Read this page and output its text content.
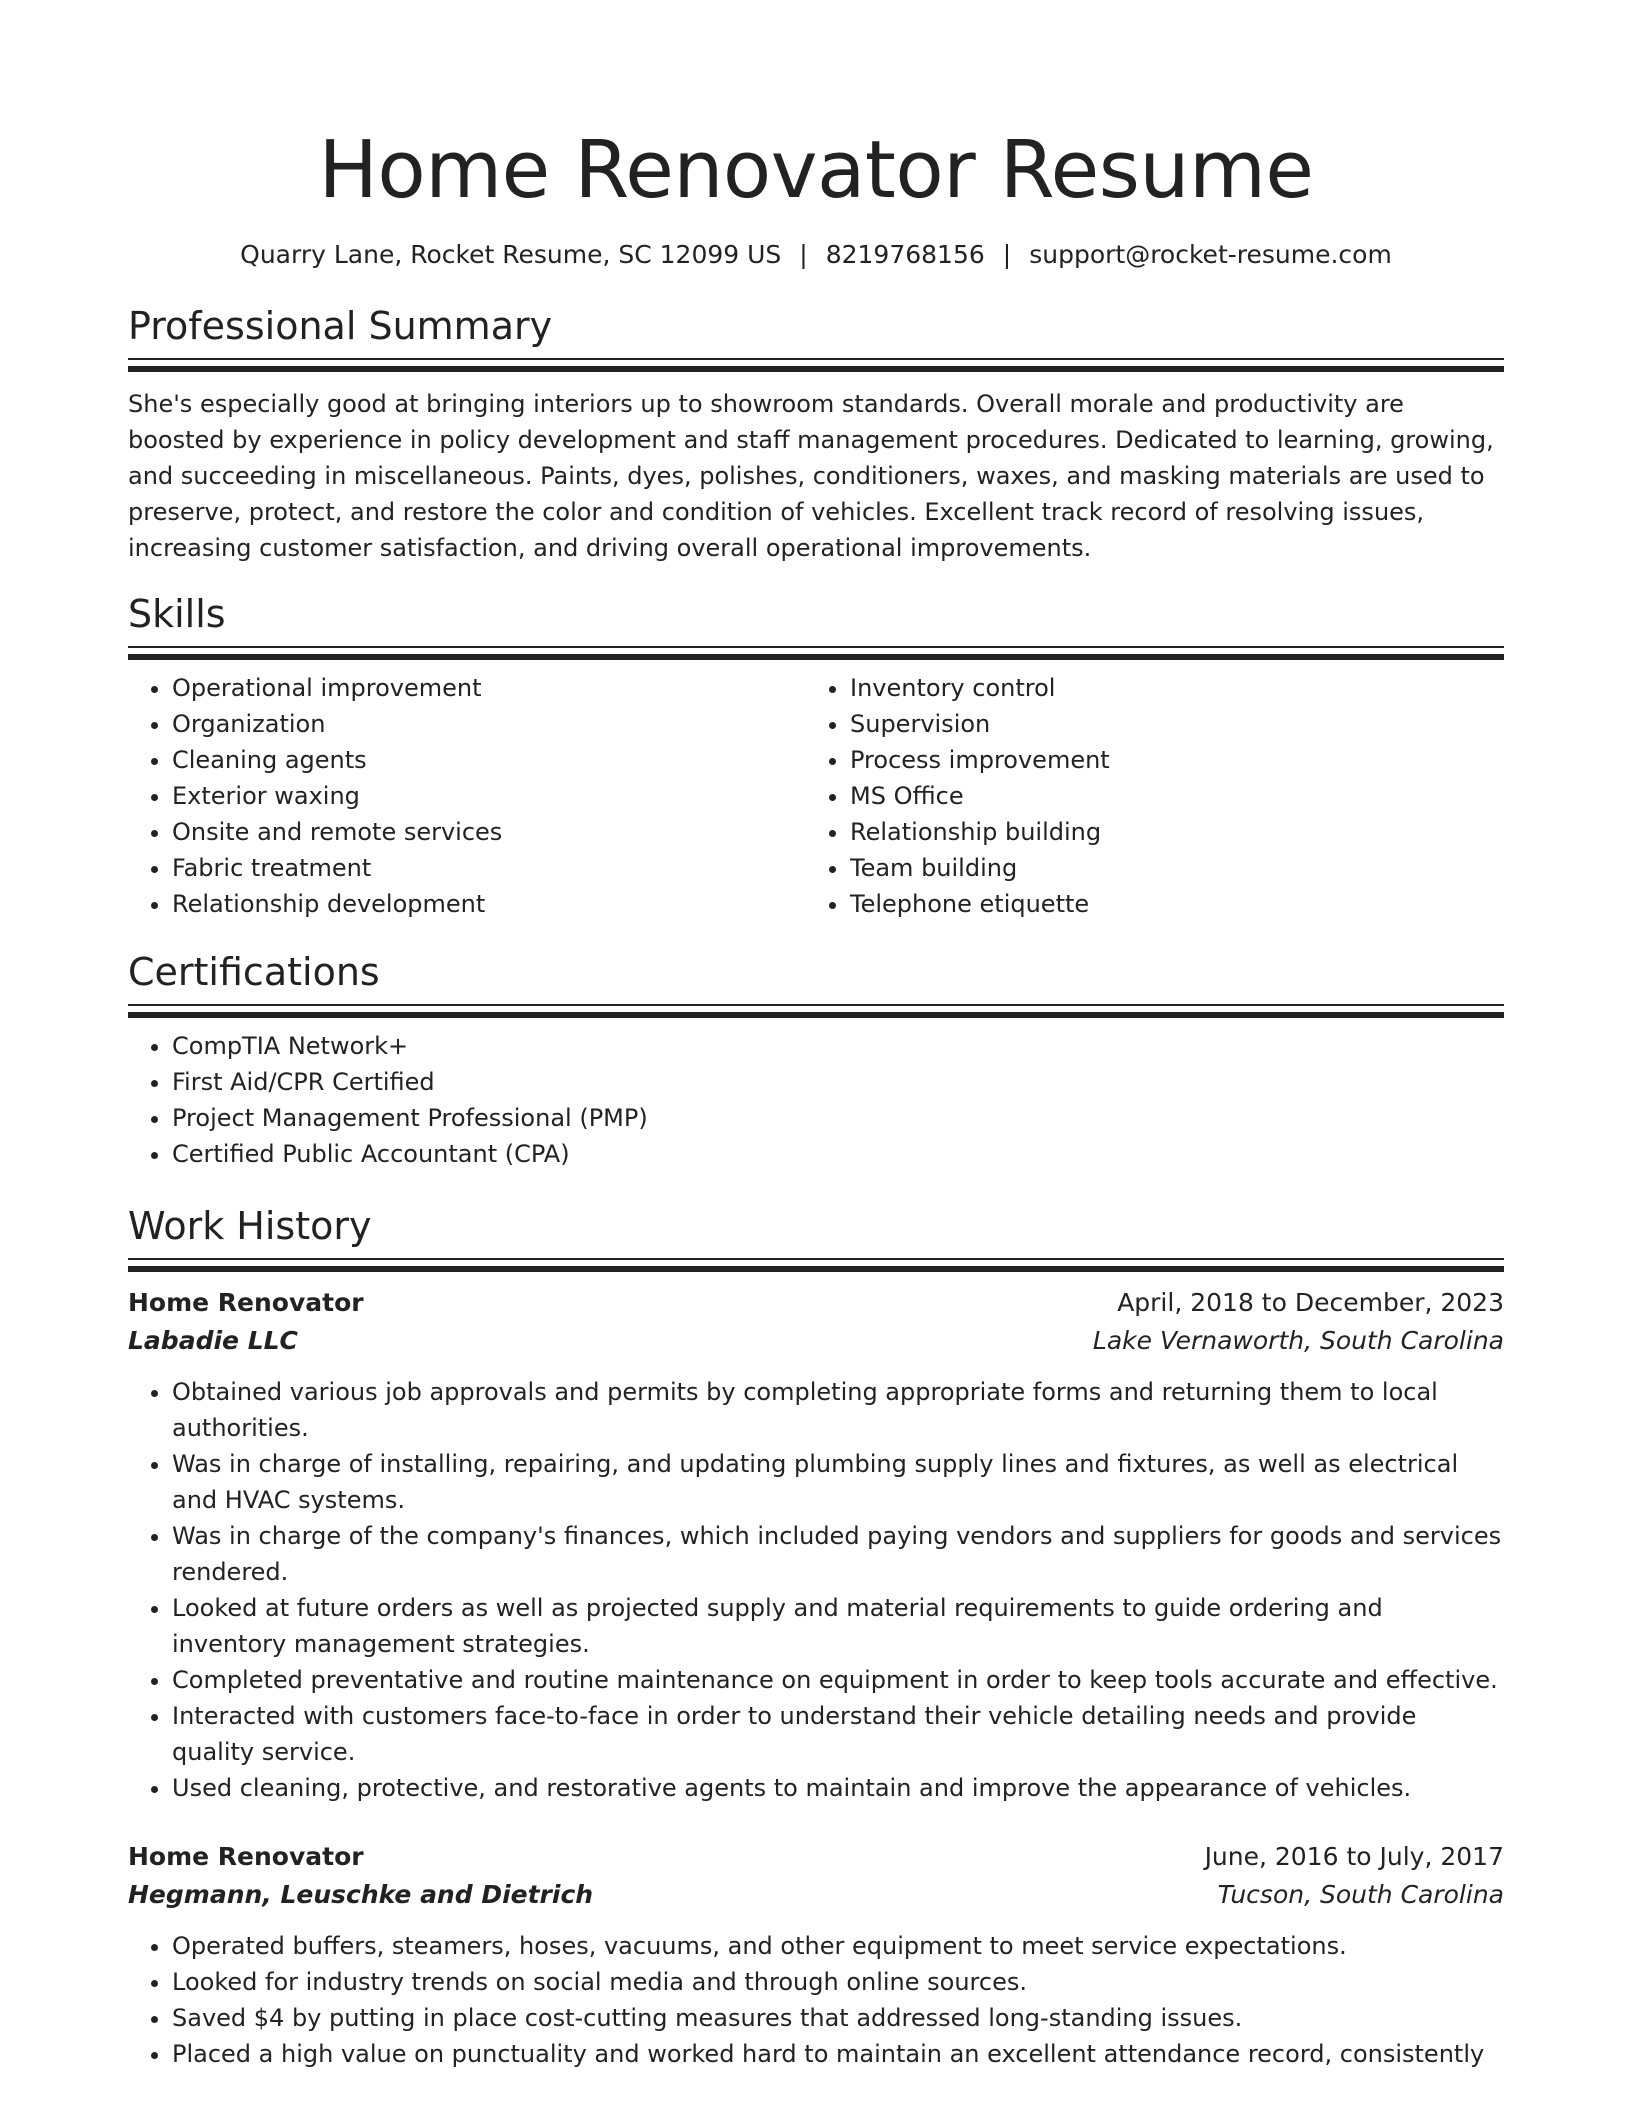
Home Renovator Resume
Quarry Lane, Rocket Resume, SC 12099 US | 8219768156 | support@rocket-resume.com
Professional Summary

She's especially good at bringing interiors up to showroom standards. Overall morale and productivity are boosted by experience in policy development and staff management procedures. Dedicated to learning, growing, and succeeding in miscellaneous. Paints, dyes, polishes, conditioners, waxes, and masking materials are used to preserve, protect, and restore the color and condition of vehicles. Excellent track record of resolving issues, increasing customer satisfaction, and driving overall operational improvements.

Skills
• Operational improvement
• Organization
• Cleaning agents
• Exterior waxing
• Onsite and remote services
• Fabric treatment
• Relationship development
• Inventory control
• Supervision
• Process improvement
• MS Office
• Relationship building
• Team building
• Telephone etiquette
Certifications
• CompTIA Network+
• First Aid/CPR Certified
• Project Management Professional (PMP)
• Certified Public Accountant (CPA)
Work History
Home Renovator	April, 2018 to December, 2023
Labadie LLC	Lake Vernaworth, South Carolina
• Obtained various job approvals and permits by completing appropriate forms and returning them to local authorities.
• Was in charge of installing, repairing, and updating plumbing supply lines and fixtures, as well as electrical and HVAC systems.
• Was in charge of the company's finances, which included paying vendors and suppliers for goods and services rendered.
• Looked at future orders as well as projected supply and material requirements to guide ordering and inventory management strategies.
• Completed preventative and routine maintenance on equipment in order to keep tools accurate and effective.
• Interacted with customers face-to-face in order to understand their vehicle detailing needs and provide quality service.
• Used cleaning, protective, and restorative agents to maintain and improve the appearance of vehicles.
Home Renovator	June, 2016 to July, 2017
Hegmann, Leuschke and Dietrich	Tucson, South Carolina
• Operated buffers, steamers, hoses, vacuums, and other equipment to meet service expectations.
• Looked for industry trends on social media and through online sources.
• Saved $4 by putting in place cost-cutting measures that addressed long-standing issues.
• Placed a high value on punctuality and worked hard to maintain an excellent attendance record, consistently
